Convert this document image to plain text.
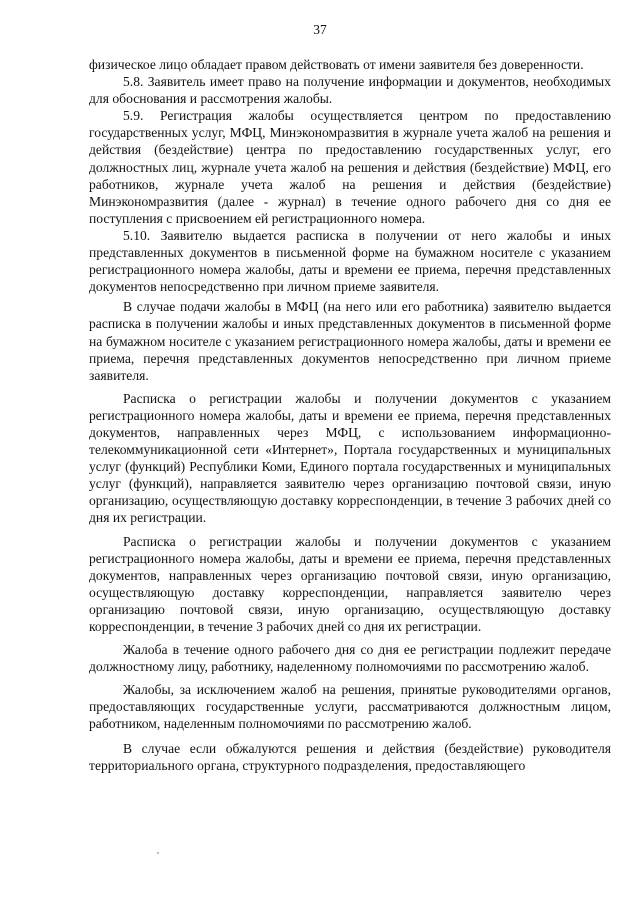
37

физическое лицо обладает правом действовать от имени заявителя без доверенности.

5.8. Заявитель имеет право на получение информации и документов, необходимых для обоснования и рассмотрения жалобы.

5.9. Регистрация жалобы осуществляется центром по предоставлению государственных услуг, МФЦ, Минэкономразвития в журнале учета жалоб на решения и действия (бездействие) центра по предоставлению государственных услуг, его должностных лиц, журнале учета жалоб на решения и действия (бездействие) МФЦ, его работников, журнале учета жалоб на решения и действия (бездействие) Минэкономразвития (далее - журнал) в течение одного рабочего дня со дня ее поступления с присвоением ей регистрационного номера.

5.10. Заявителю выдается расписка в получении от него жалобы и иных представленных документов в письменной форме на бумажном носителе с указанием регистрационного номера жалобы, даты и времени ее приема, перечня представленных документов непосредственно при личном приеме заявителя.

В случае подачи жалобы в МФЦ (на него или его работника) заявителю выдается расписка в получении жалобы и иных представленных документов в письменной форме на бумажном носителе с указанием регистрационного номера жалобы, даты и времени ее приема, перечня представленных документов непосредственно при личном приеме заявителя.

Расписка о регистрации жалобы и получении документов с указанием регистрационного номера жалобы, даты и времени ее приема, перечня представленных документов, направленных через МФЦ, с использованием информационно-телекоммуникационной сети «Интернет», Портала государственных и муниципальных услуг (функций) Республики Коми, Единого портала государственных и муниципальных услуг (функций), направляется заявителю через организацию почтовой связи, иную организацию, осуществляющую доставку корреспонденции, в течение 3 рабочих дней со дня их регистрации.

Расписка о регистрации жалобы и получении документов с указанием регистрационного номера жалобы, даты и времени ее приема, перечня представленных документов, направленных через организацию почтовой связи, иную организацию, осуществляющую доставку корреспонденции, направляется заявителю через организацию почтовой связи, иную организацию, осуществляющую доставку корреспонденции, в течение 3 рабочих дней со дня их регистрации.

Жалоба в течение одного рабочего дня со дня ее регистрации подлежит передаче должностному лицу, работнику, наделенному полномочиями по рассмотрению жалоб.

Жалобы, за исключением жалоб на решения, принятые руководителями органов, предоставляющих государственные услуги, рассматриваются должностным лицом, работником, наделенным полномочиями по рассмотрению жалоб.

В случае если обжалуются решения и действия (бездействие) руководителя территориального органа, структурного подразделения, предоставляющего
